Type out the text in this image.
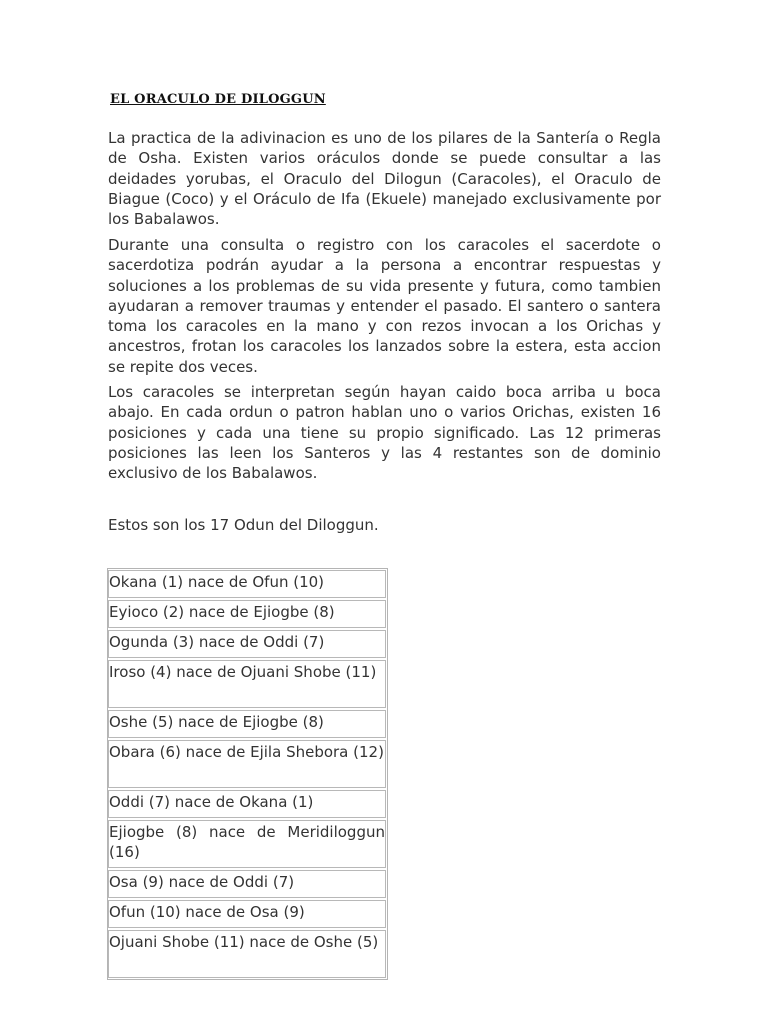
EL ORACULO DE DILOGGUN

La practica de la adivinacion es uno de los pilares de la Santería o Regla de Osha. Existen varios oráculos donde se puede consultar a las deidades yorubas, el Oraculo del Dilogun (Caracoles), el Oraculo de Biague (Coco) y el Oráculo de Ifa (Ekuele) manejado exclusivamente por los Babalawos.

Durante una consulta o registro con los caracoles el sacerdote o sacerdotiza podrán ayudar a la persona a encontrar respuestas y soluciones a los problemas de su vida presente y futura, como tambien ayudaran a remover traumas y entender el pasado. El santero o santera toma los caracoles en la mano y con rezos invocan a los Orichas y ancestros, frotan los caracoles los lanzados sobre la estera, esta accion se repite dos veces.

Los caracoles se interpretan según hayan caido boca arriba u boca abajo. En cada ordun o patron hablan uno o varios Orichas, existen 16 posiciones y cada una tiene su propio significado. Las 12 primeras posiciones las leen los Santeros y las 4 restantes son de dominio exclusivo de los Babalawos.

Estos son los 17 Odun del Diloggun.

Okana (1) nace de Ofun (10)
Eyioco (2) nace de Ejiogbe (8)
Ogunda (3) nace de Oddi (7)
Iroso (4) nace de Ojuani Shobe (11)
Oshe (5) nace de Ejiogbe (8)
Obara (6) nace de Ejila Shebora (12)
Oddi (7) nace de Okana (1)
Ejiogbe (8) nace de Meridiloggun (16)
Osa (9) nace de Oddi (7)
Ofun (10) nace de Osa (9)
Ojuani Shobe (11) nace de Oshe (5)
